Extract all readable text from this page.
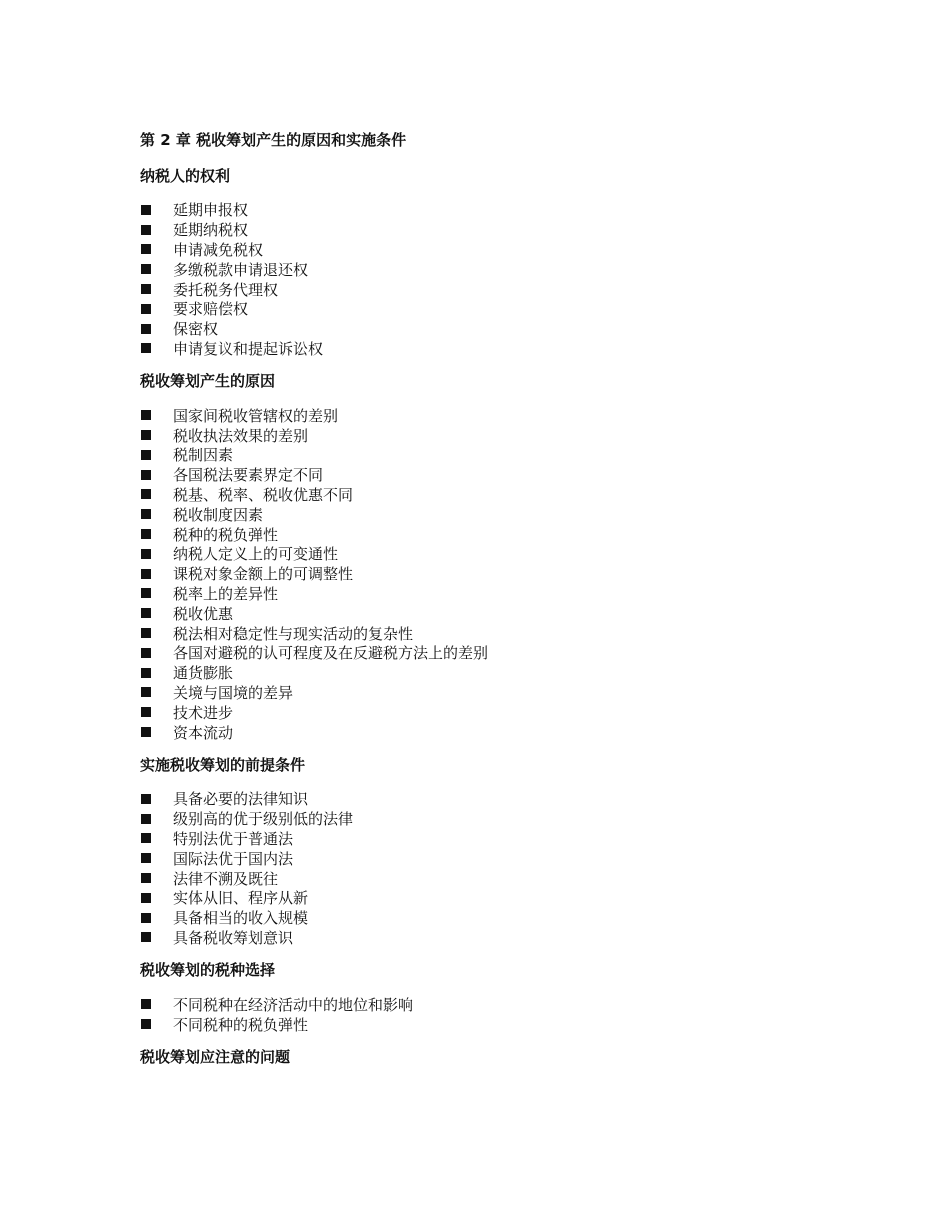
第 2 章 税收筹划产生的原因和实施条件
纳税人的权利
延期申报权
延期纳税权
申请减免税权
多缴税款申请退还权
委托税务代理权
要求赔偿权
保密权
申请复议和提起诉讼权
税收筹划产生的原因
国家间税收管辖权的差别
税收执法效果的差别
税制因素
各国税法要素界定不同
税基、税率、税收优惠不同
税收制度因素
税种的税负弹性
纳税人定义上的可变通性
课税对象金额上的可调整性
税率上的差异性
税收优惠
税法相对稳定性与现实活动的复杂性
各国对避税的认可程度及在反避税方法上的差别
通货膨胀
关境与国境的差异
技术进步
资本流动
实施税收筹划的前提条件
具备必要的法律知识
级别高的优于级别低的法律
特别法优于普通法
国际法优于国内法
法律不溯及既往
实体从旧、程序从新
具备相当的收入规模
具备税收筹划意识
税收筹划的税种选择
不同税种在经济活动中的地位和影响
不同税种的税负弹性
税收筹划应注意的问题
